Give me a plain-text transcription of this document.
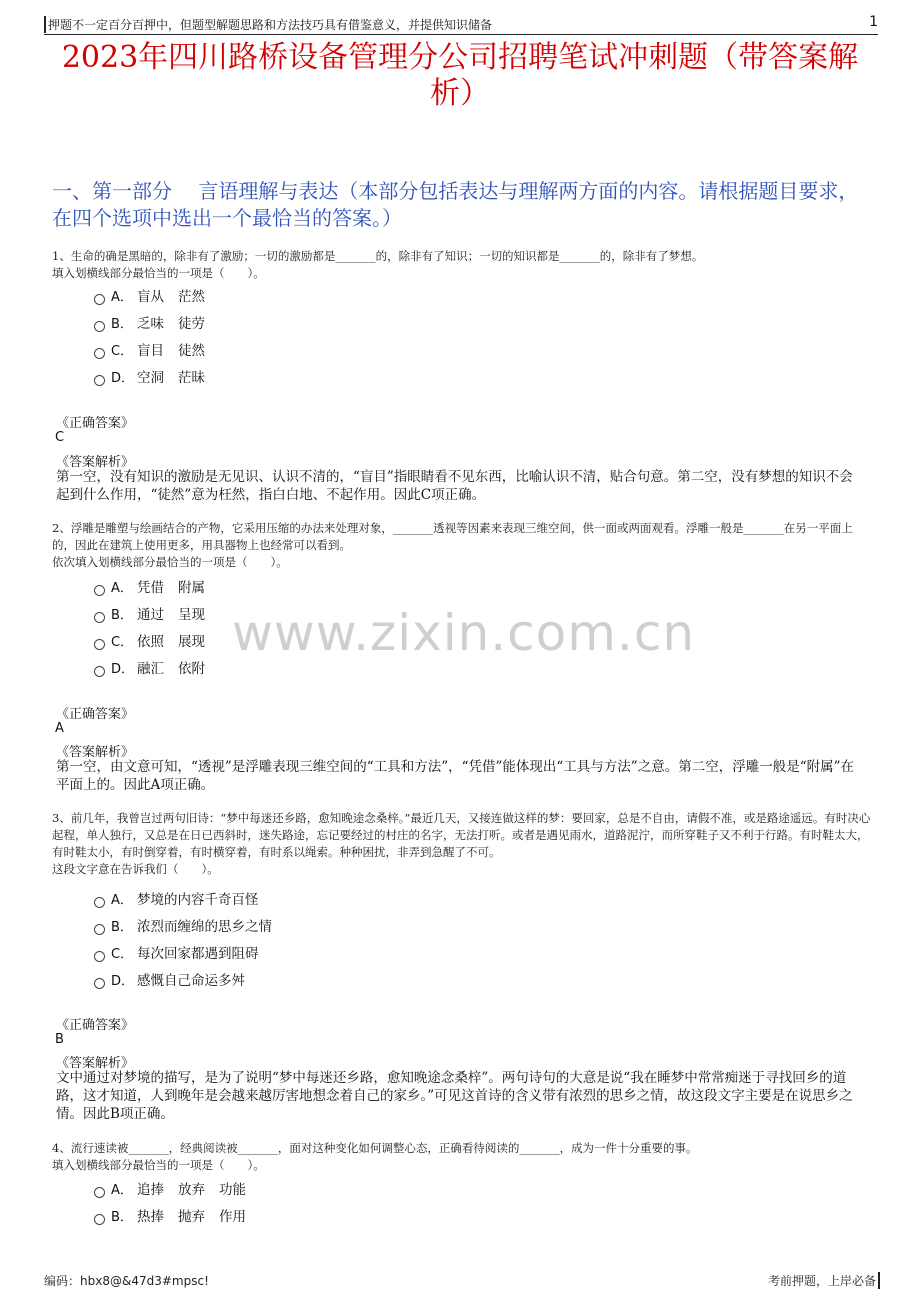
押题不一定百分百押中，但题型解题思路和方法技巧具有借鉴意义，并提供知识储备	1
2023年四川路桥设备管理分公司招聘笔试冲刺题（带答案解析）
一、第一部分　 言语理解与表达（本部分包括表达与理解两方面的内容。请根据题目要求，在四个选项中选出一个最恰当的答案。）
www.zixin.com.cn
1、生命的确是黑暗的，除非有了激励；一切的激励都是_______的，除非有了知识；一切的知识都是_______的，除非有了梦想。
填入划横线部分最恰当的一项是（　　）。
A． 盲从 茫然
B． 乏味 徒劳
C． 盲目 徒然
D． 空洞 茫昧
《正确答案》
C
《答案解析》
第一空，没有知识的激励是无见识、认识不清的，“盲目”指眼睛看不见东西，比喻认识不清，贴合句意。第二空，没有梦想的知识不会起到什么作用，“徒然”意为枉然，指白白地、不起作用。因此C项正确。
2、浮雕是雕塑与绘画结合的产物，它采用压缩的办法来处理对象，_______透视等因素来表现三维空间，供一面或两面观看。浮雕一般是_______在另一平面上的，因此在建筑上使用更多，用具器物上也经常可以看到。
依次填入划横线部分最恰当的一项是（　　）。
A． 凭借 附属
B． 通过 呈现
C． 依照 展现
D． 融汇 依附
《正确答案》
A
《答案解析》
第一空，由文意可知，“透视”是浮雕表现三维空间的“工具和方法”，“凭借”能体现出“工具与方法”之意。第二空，浮雕一般是“附属”在平面上的。因此A项正确。
3、前几年，我曾岂过两句旧诗：“梦中每迷还乡路，愈知晚途念桑梓。”最近几天，又接连做这样的梦：要回家，总是不自由，请假不准，或是路途遥远。有时决心起程，单人独行，又总是在日已西斜时，迷失路途，忘记要经过的村庄的名字，无法打听。或者是遇见雨水，道路泥泞，而所穿鞋子又不利于行路。有时鞋太大，有时鞋太小，有时倒穿着，有时横穿着，有时系以绳索。种种困扰，非弄到急醒了不可。
这段文字意在告诉我们（　　）。
A． 梦境的内容千奇百怪
B． 浓烈而缠绵的思乡之情
C． 每次回家都遇到阻碍
D． 感慨自己命运多舛
《正确答案》
B
《答案解析》
文中通过对梦境的描写，是为了说明“梦中每迷还乡路，愈知晚途念桑梓”。两句诗句的大意是说“我在睡梦中常常痴迷于寻找回乡的道路，这才知道，人到晚年是会越来越厉害地想念着自己的家乡。”可见这首诗的含义带有浓烈的思乡之情，故这段文字主要是在说思乡之情。因此B项正确。
4、流行速读被_______，经典阅读被_______，面对这种变化如何调整心态，正确看待阅读的_______，成为一件十分重要的事。
填入划横线部分最恰当的一项是（　　）。
A． 追捧 放弃 功能
B． 热捧 抛弃 作用
编码：hbx8@&47d3#mpsc!	考前押题，上岸必备
